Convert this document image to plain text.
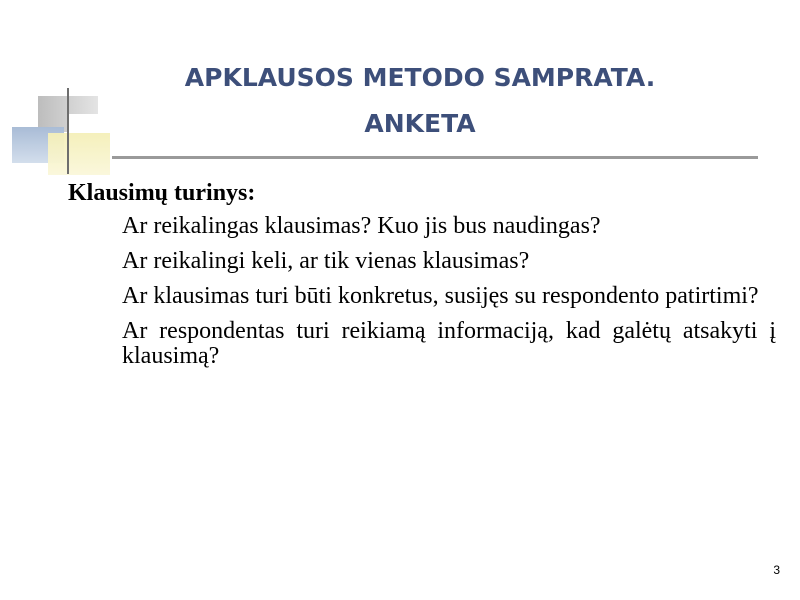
APKLAUSOS METODO SAMPRATA.
ANKETA
Klausimų turinys:
Ar reikalingas klausimas? Kuo jis bus naudingas?
Ar reikalingi keli, ar tik vienas klausimas?
Ar klausimas turi būti konkretus, susijęs su respondento patirtimi?
Ar respondentas turi reikiamą informaciją, kad galėtų atsakyti į klausimą?
3
